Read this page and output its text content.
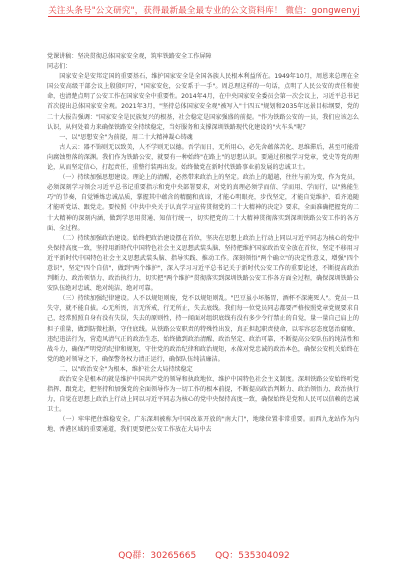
关注头条号"公文研究"，获得最新最全最专业的公文资料库！ 微信：gongwenyj

党课讲稿：坚决贯彻总体国家安全观，筑牢铁路安全工作屏障

同志们：

国家安全是安邦定国的重要基石，维护国家安全是全国各族人民根本利益所在。1949年10月，周恩来总理在全国公安高级干部会议上殷殷叮咛，"国家安危，公安系于一手"。周总理这样的一句话，点明了人民公安的责任和使命，也清楚点明了公安工作在国家安全中重要性。2014年4月，在中央国家安全委员会第一次会议上，习近平总书记首次提出总体国家安全观。2021年3月，"坚持总体国家安全观"被写入"十四五"规划和2035年远景目标纲要，党的二十大报告强调："国家安全是民族复兴的根基，社会稳定是国家强盛的前提。"作为铁路公安的一员，我们应该怎么认识，从何处着力来确保铁路安全持续稳定，当好服务和支撑深圳铁路现代化建设的"火车头"呢？

一、以"思想安全"为前提，用二十大精神凝心铸魂

古人云：器不饰则无以致美，人不学则无以德。吾学而日，无所用心，必先舍蕴落苦化、思维滞后，甚至可能滑向腐蚀堕落的深渊。我们作为铁路公安，就要有一种始终"在路上"的思想认识。要通过积极学习党章，党史等党的理论，从而坚定信心，打起责任，重整行装再出发。始终做党在新时代铁路事业前发展的忠诚卫士。

（一）持续加强思想建设。理论上的清醒，必然带来政治上的坚定。政治上的超越，往往与前为变，作为党员，必须深刻学习领会习近平总书记重要指示和党中央部署要求，对党的真理必须学而信、学而用、学而行，以"熟能生巧"的节奏，自觉锤炼忠诚品质，掌握其中蕴含的精髓和真谛，才能心明眼亮，步伐坚定，才能自觉维护、看齐追随才能听党话、跟党走。要按照《中共中央关于认真学习宣传贯彻党的二十大精神的决定》要求，全面准确把握党的二十大精神的深刻内涵，做到学思用贯通、知信行统一，切实把党的二十大精神贯彻落实到深圳铁路公安工作的各方面、全过程。

（二）持续加强政治建设。始终把政治建设摆在首位，坚决在思想上政治上行动上同以习近平同志为核心的党中央保持高度一致，坚持用新時代中国特色社会主义思想武装头脑、坚持把维护国家政治安全放在首位，坚定不移用习近平新时代中国特色社会主义思想武装头脑、指导实践、推动工作。深刻领悟"两个确立"的决定性意义，增强"四个意识"，坚定"四个自信"，做到"两个维护"，深入学习习近平总书记关于新时代公安工作的重要论述，不断提高政治判断力、政治领悟力、政治执行力，切实把"两个维护"贯彻落实到深圳铁路公安工作各方面全过程，确保深圳铁路公安队伍绝对忠诚、绝对纯洁、绝对可靠。

（三）持续加强纪律建设。人不以规矩则废，党不以规矩则乱。"巴豆虽小坏肠胃，酒杯不深淹死人"。党员一旦失守，就不能自拔。心无所畏，言无所戒，行无所止，失去底线。我们每一位党员同志都要严格按照党章党规要求自己，经常照照自身有没有失误，失去的原则性，持一闻面对组织底线有没有多少令行禁止的自觉，量一量自己肩上的担子重量，做到防微杜渐，守住底线。从铁路公安职责的特殊性出发，真正担起职责使命，以零容忍态度惩治腐败、违纪违法行为，营造风清气正的政治生态，始终做到政治清醒、政治坚定、政治可靠，不断提高公安队伍的纯洁性和战斗力，确保严明党的纪律和规矩，守住党的政治纪律和政治规矩，永葆对党忠诚的政治本色，确保公安机关始终在党的绝对领导之下，确保警务权力清正运行，确保队伍纯洁廉洁。

二、以"政治安全"为根本，维护社会大局持续稳定

政治安全是根本的就是维护中国共产党的领导和执政地位、维护中国特色社会主义制度。深圳铁路公安始终听党指挥、跟党走，把坚持和加强党的全面领导作为一切工作的根本前提，不断提高政治判断力、政治领悟力、政治执行力，自觉在思想上政治上行动上同以习近平同志为核心的党中央保持高度一致，确保始终是党和人民可以信赖的忠诚卫士。

（一）牢牢把住维稳安全。广东深圳被称为中国改革开放的"南大门"，地缘位置非常重要。而西九龙站作为内地、香港区域的重要通道，我们更要把公安工作放在大局中去

QQ群：30265665 QQ：535304092
